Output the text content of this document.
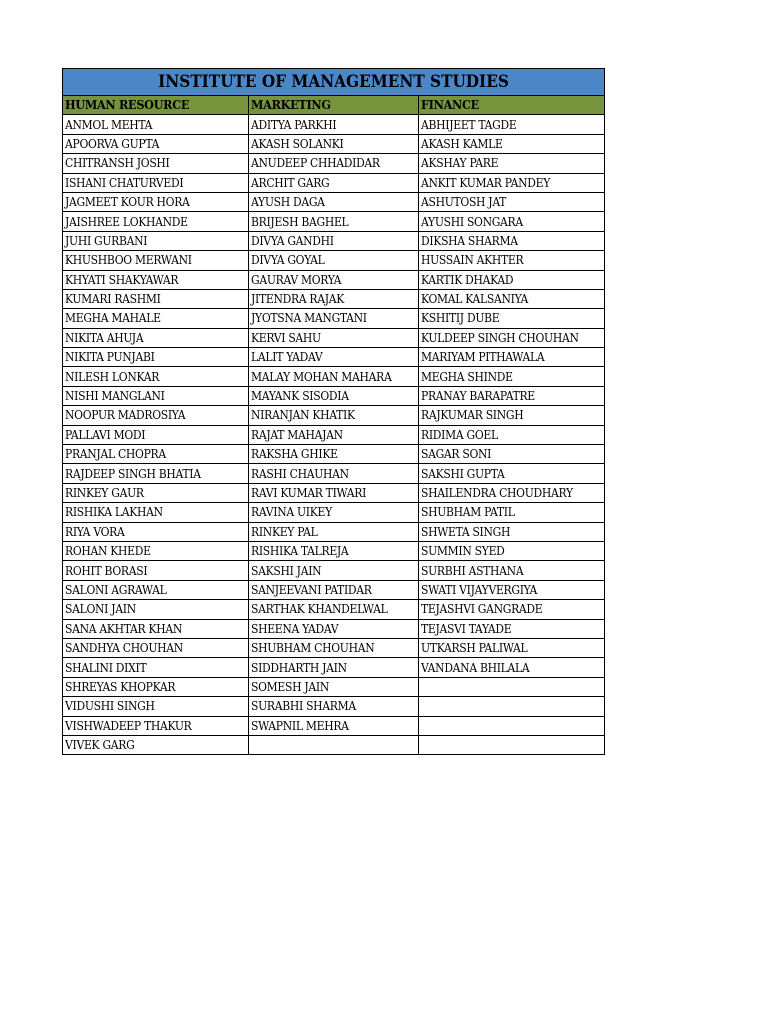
INSTITUTE OF MANAGEMENT STUDIES		
HUMAN RESOURCE	MARKETING	FINANCE
ANMOL MEHTA	ADITYA PARKHI	ABHIJEET TAGDE
APOORVA GUPTA	AKASH SOLANKI	AKASH KAMLE
CHITRANSH JOSHI	ANUDEEP CHHADIDAR	AKSHAY PARE
ISHANI CHATURVEDI	ARCHIT GARG	ANKIT KUMAR PANDEY
JAGMEET KOUR HORA	AYUSH DAGA	ASHUTOSH JAT
JAISHREE LOKHANDE	BRIJESH BAGHEL	AYUSHI SONGARA
JUHI GURBANI	DIVYA GANDHI	DIKSHA SHARMA
KHUSHBOO MERWANI	DIVYA GOYAL	HUSSAIN AKHTER
KHYATI SHAKYAWAR	GAURAV MORYA	KARTIK DHAKAD
KUMARI RASHMI	JITENDRA RAJAK	KOMAL KALSANIYA
MEGHA MAHALE	JYOTSNA MANGTANI	KSHITIJ DUBE
NIKITA AHUJA	KERVI SAHU	KULDEEP SINGH CHOUHAN
NIKITA PUNJABI	LALIT YADAV	MARIYAM PITHAWALA
NILESH LONKAR	MALAY MOHAN MAHARA	MEGHA SHINDE
NISHI MANGLANI	MAYANK SISODIA	PRANAY BARAPATRE
NOOPUR MADROSIYA	NIRANJAN KHATIK	RAJKUMAR SINGH
PALLAVI MODI	RAJAT MAHAJAN	RIDIMA GOEL
PRANJAL CHOPRA	RAKSHA GHIKE	SAGAR SONI
RAJDEEP SINGH BHATIA	RASHI CHAUHAN	SAKSHI GUPTA
RINKEY GAUR	RAVI KUMAR TIWARI	SHAILENDRA CHOUDHARY
RISHIKA LAKHAN	RAVINA UIKEY	SHUBHAM PATIL
RIYA VORA	RINKEY PAL	SHWETA SINGH
ROHAN KHEDE	RISHIKA TALREJA	SUMMIN SYED
ROHIT BORASI	SAKSHI JAIN	SURBHI ASTHANA
SALONI AGRAWAL	SANJEEVANI PATIDAR	SWATI VIJAYVERGIYA
SALONI JAIN	SARTHAK KHANDELWAL	TEJASHVI GANGRADE
SANA AKHTAR KHAN	SHEENA YADAV	TEJASVI TAYADE
SANDHYA CHOUHAN	SHUBHAM CHOUHAN	UTKARSH PALIWAL
SHALINI DIXIT	SIDDHARTH JAIN	VANDANA BHILALA
SHREYAS KHOPKAR	SOMESH JAIN	
VIDUSHI SINGH	SURABHI SHARMA	
VISHWADEEP THAKUR	SWAPNIL MEHRA	
VIVEK GARG		
